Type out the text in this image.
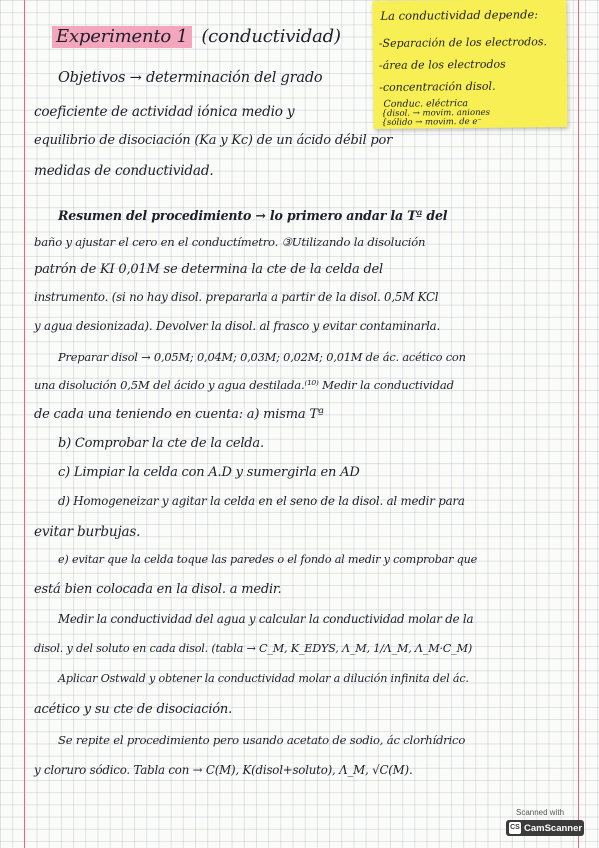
Experimento 1 (conductividad)
La conductividad depende:
-Separación de los electrodos.
-área de los electrodos
-concentración disol.
Conduc. eléctrica
{disol. → movim. aniones
{sólido → movim. de e⁻
Objetivos → determinación del grado
coeficiente de actividad iónica medio y
equilibrio de disociación (Ka y Kc) de un ácido débil por
medidas de conductividad.
Resumen del procedimiento → lo primero andar la Tª del
baño y ajustar el cero en el conductímetro. ③Utilizando la disolución
patrón de KI 0,01M se determina la cte de la celda del
instrumento. (si no hay disol. prepararla a partir de la disol. 0,5M KCl
y agua desionizada). Devolver la disol. al frasco y evitar contaminarla.
Preparar disol → 0,05M; 0,04M; 0,03M; 0,02M; 0,01M de ác. acético con
una disolución 0,5M del ácido y agua destilada.⁽¹⁰⁾ Medir la conductividad
de cada una teniendo en cuenta: a) misma Tª
b) Comprobar la cte de la celda.
c) Limpiar la celda con A.D y sumergirla en AD
d) Homogeneizar y agitar la celda en el seno de la disol. al medir para
evitar burbujas.
e) evitar que la celda toque las paredes o el fondo al medir y comprobar que
está bien colocada en la disol. a medir.
Medir la conductividad del agua y calcular la conductividad molar de la
disol. y del soluto en cada disol. (tabla → C_M, K_EDYS, Λ_M, 1/Λ_M, Λ_M·C_M)
Aplicar Ostwald y obtener la conductividad molar a dilución infinita del ác.
acético y su cte de disociación.
Se repite el procedimiento pero usando acetato de sodio, ác clorhídrico
y cloruro sódico. Tabla con → C(M), K(disol+soluto), Λ_M, √C(M).
Scanned with
CS CamScanner
